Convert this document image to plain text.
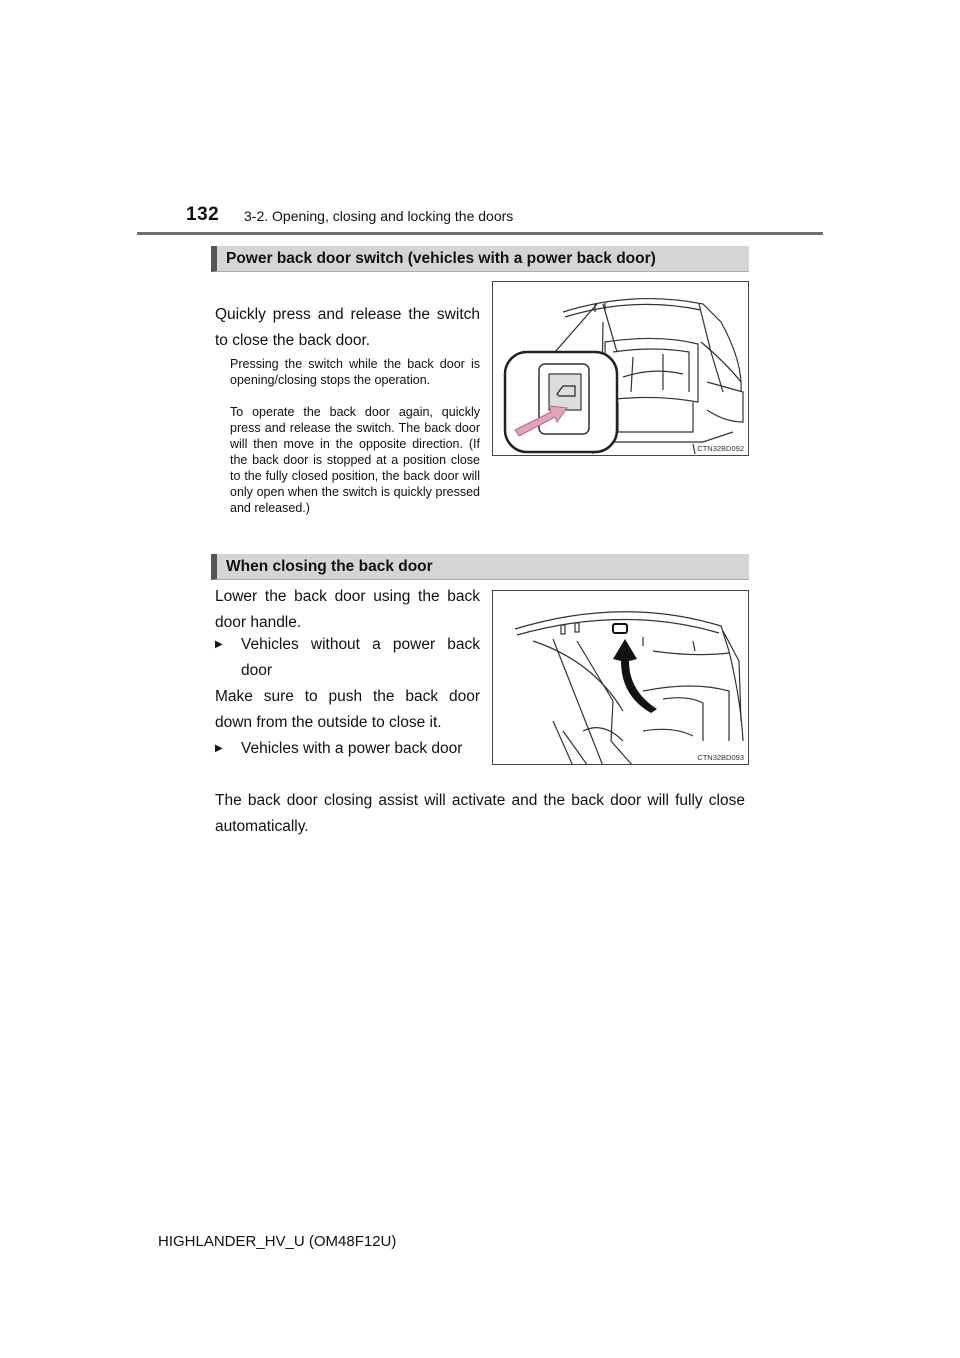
132 3-2. Opening, closing and locking the doors
Power back door switch (vehicles with a power back door)
Quickly press and release the switch to close the back door.
Pressing the switch while the back door is opening/closing stops the operation.
To operate the back door again, quickly press and release the switch. The back door will then move in the opposite direction. (If the back door is stopped at a position close to the fully closed position, the back door will only open when the switch is quickly pressed and released.)
CTN32BD092
When closing the back door
Lower the back door using the back door handle.
▶ Vehicles without a power back door
Make sure to push the back door down from the outside to close it.
▶ Vehicles with a power back door
The back door closing assist will activate and the back door will fully close automatically.
CTN32BD093
HIGHLANDER_HV_U (OM48F12U)
